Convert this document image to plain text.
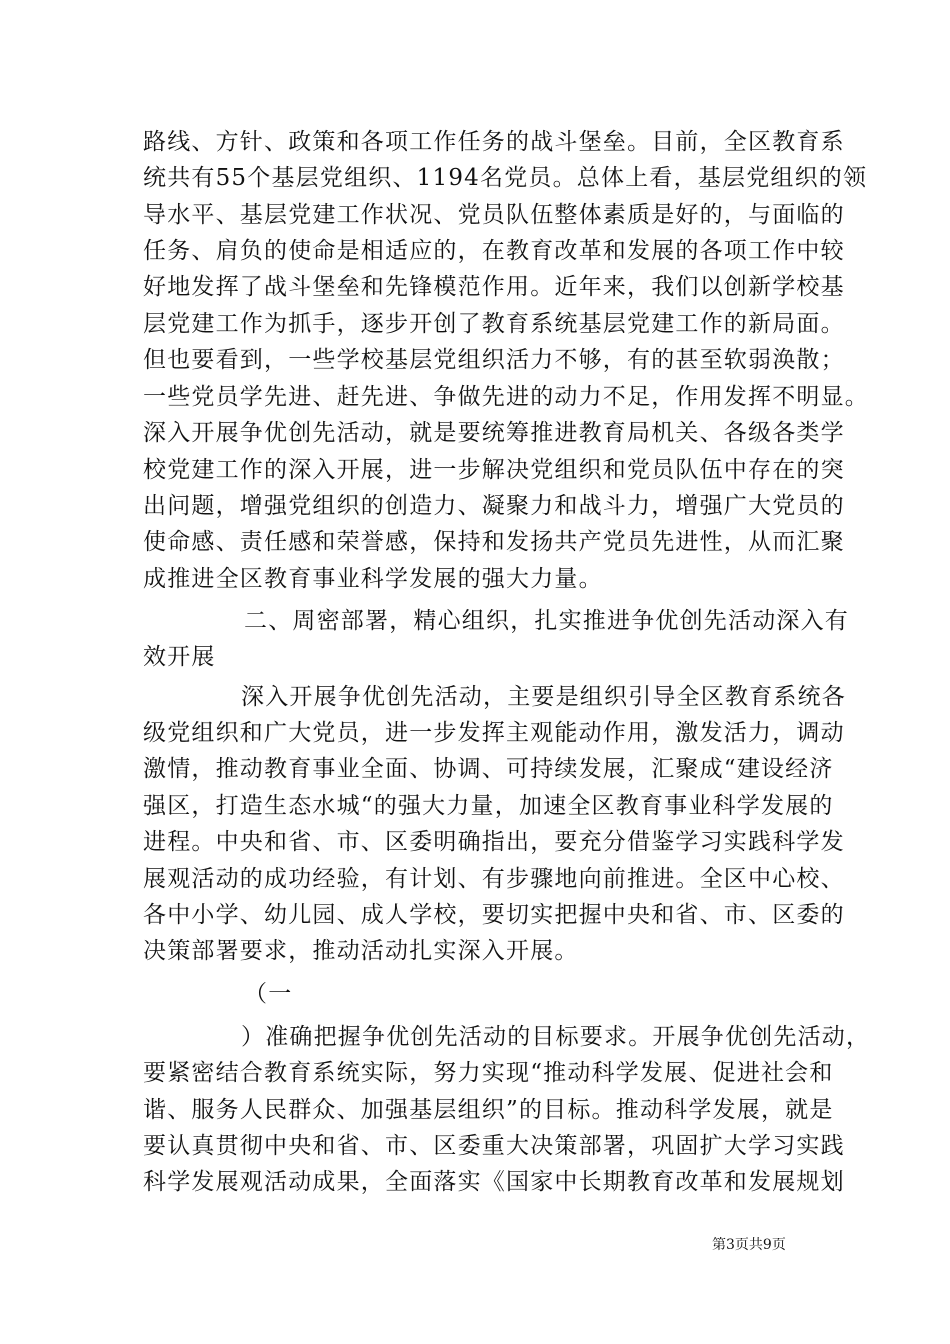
路线、方针、政策和各项工作任务的战斗堡垒。目前，全区教育系
统共有55个基层党组织、1194名党员。总体上看，基层党组织的领
导水平、基层党建工作状况、党员队伍整体素质是好的，与面临的
任务、肩负的使命是相适应的，在教育改革和发展的各项工作中较
好地发挥了战斗堡垒和先锋模范作用。近年来，我们以创新学校基
层党建工作为抓手，逐步开创了教育系统基层党建工作的新局面。
但也要看到，一些学校基层党组织活力不够，有的甚至软弱涣散；
一些党员学先进、赶先进、争做先进的动力不足，作用发挥不明显。
深入开展争优创先活动，就是要统筹推进教育局机关、各级各类学
校党建工作的深入开展，进一步解决党组织和党员队伍中存在的突
出问题，增强党组织的创造力、凝聚力和战斗力，增强广大党员的
使命感、责任感和荣誉感，保持和发扬共产党员先进性，从而汇聚
成推进全区教育事业科学发展的强大力量。
二、周密部署，精心组织，扎实推进争优创先活动深入有
效开展
深入开展争优创先活动，主要是组织引导全区教育系统各
级党组织和广大党员，进一步发挥主观能动作用，激发活力，调动
激情，推动教育事业全面、协调、可持续发展，汇聚成“建设经济
强区，打造生态水城“的强大力量，加速全区教育事业科学发展的
进程。中央和省、市、区委明确指出，要充分借鉴学习实践科学发
展观活动的成功经验，有计划、有步骤地向前推进。全区中心校、
各中小学、幼儿园、成人学校，要切实把握中央和省、市、区委的
决策部署要求，推动活动扎实深入开展。
（一
）准确把握争优创先活动的目标要求。开展争优创先活动，
要紧密结合教育系统实际，努力实现“推动科学发展、促进社会和
谐、服务人民群众、加强基层组织”的目标。推动科学发展，就是
要认真贯彻中央和省、市、区委重大决策部署，巩固扩大学习实践
科学发展观活动成果，全面落实《国家中长期教育改革和发展规划
第3页共9页
